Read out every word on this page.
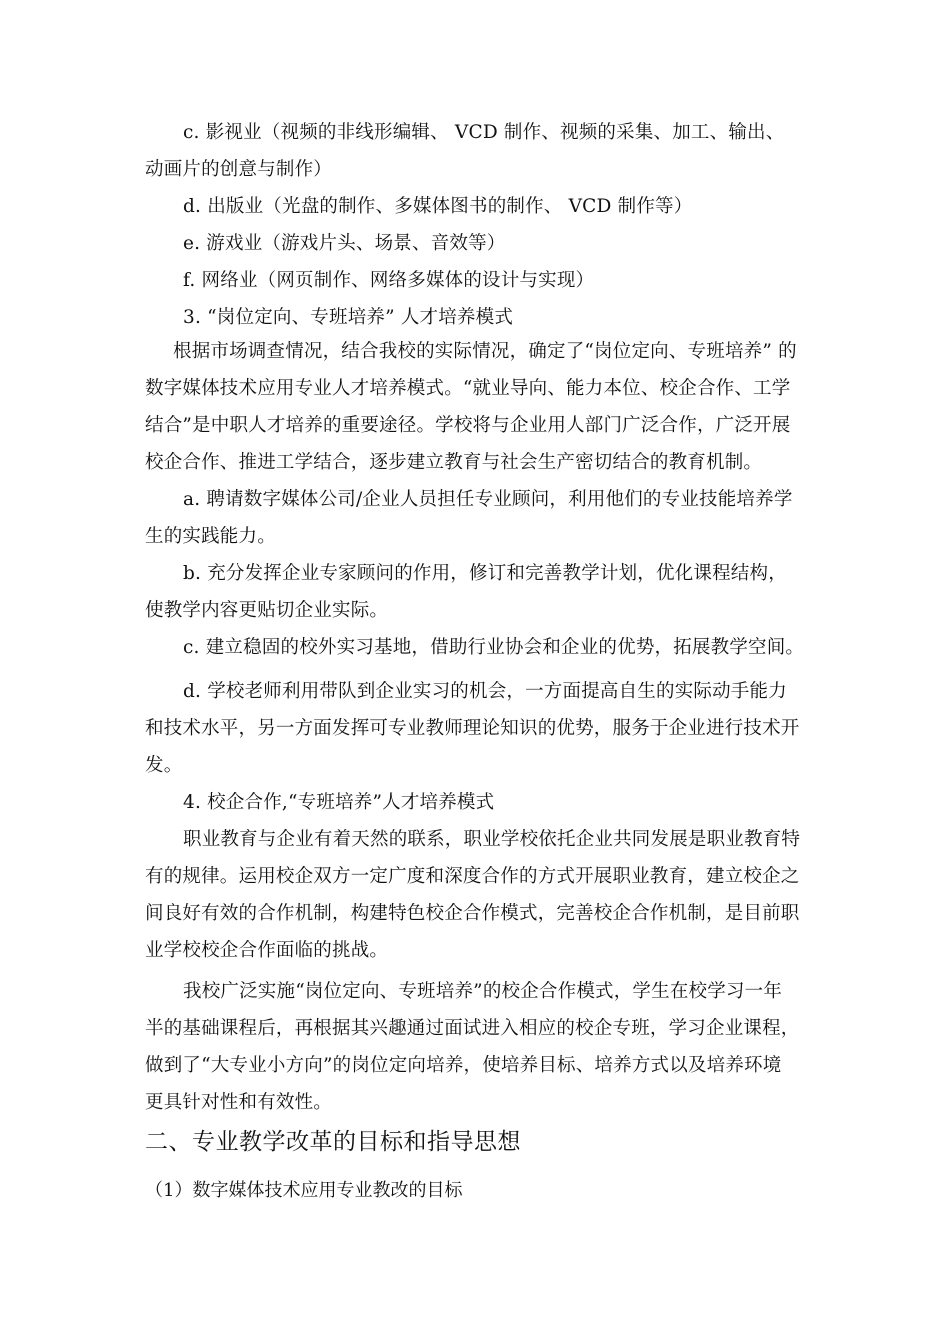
c. 影视业（视频的非线形编辑、 VCD 制作、视频的采集、加工、输出、
动画片的创意与制作）
d. 出版业（光盘的制作、多媒体图书的制作、 VCD 制作等）
e. 游戏业（游戏片头、场景、音效等）
f. 网络业（网页制作、网络多媒体的设计与实现）
3. “岗位定向、专班培养” 人才培养模式
根据市场调查情况，结合我校的实际情况，确定了“岗位定向、专班培养” 的
数字媒体技术应用专业人才培养模式。“就业导向、能力本位、校企合作、工学
结合”是中职人才培养的重要途径。学校将与企业用人部门广泛合作，广泛开展
校企合作、推进工学结合，逐步建立教育与社会生产密切结合的教育机制。
a. 聘请数字媒体公司/企业人员担任专业顾问，利用他们的专业技能培养学
生的实践能力。
b. 充分发挥企业专家顾问的作用，修订和完善教学计划，优化课程结构，
使教学内容更贴切企业实际。
c. 建立稳固的校外实习基地，借助行业协会和企业的优势，拓展教学空间。
d. 学校老师利用带队到企业实习的机会，一方面提高自生的实际动手能力
和技术水平，另一方面发挥可专业教师理论知识的优势，服务于企业进行技术开
发。
4. 校企合作,“专班培养”人才培养模式
职业教育与企业有着天然的联系，职业学校依托企业共同发展是职业教育特
有的规律。运用校企双方一定广度和深度合作的方式开展职业教育，建立校企之
间良好有效的合作机制，构建特色校企合作模式，完善校企合作机制，是目前职
业学校校企合作面临的挑战。
我校广泛实施“岗位定向、专班培养”的校企合作模式，学生在校学习一年
半的基础课程后，再根据其兴趣通过面试进入相应的校企专班，学习企业课程，
做到了“大专业小方向”的岗位定向培养，使培养目标、培养方式以及培养环境
更具针对性和有效性。
二、专业教学改革的目标和指导思想
（1）数字媒体技术应用专业教改的目标
